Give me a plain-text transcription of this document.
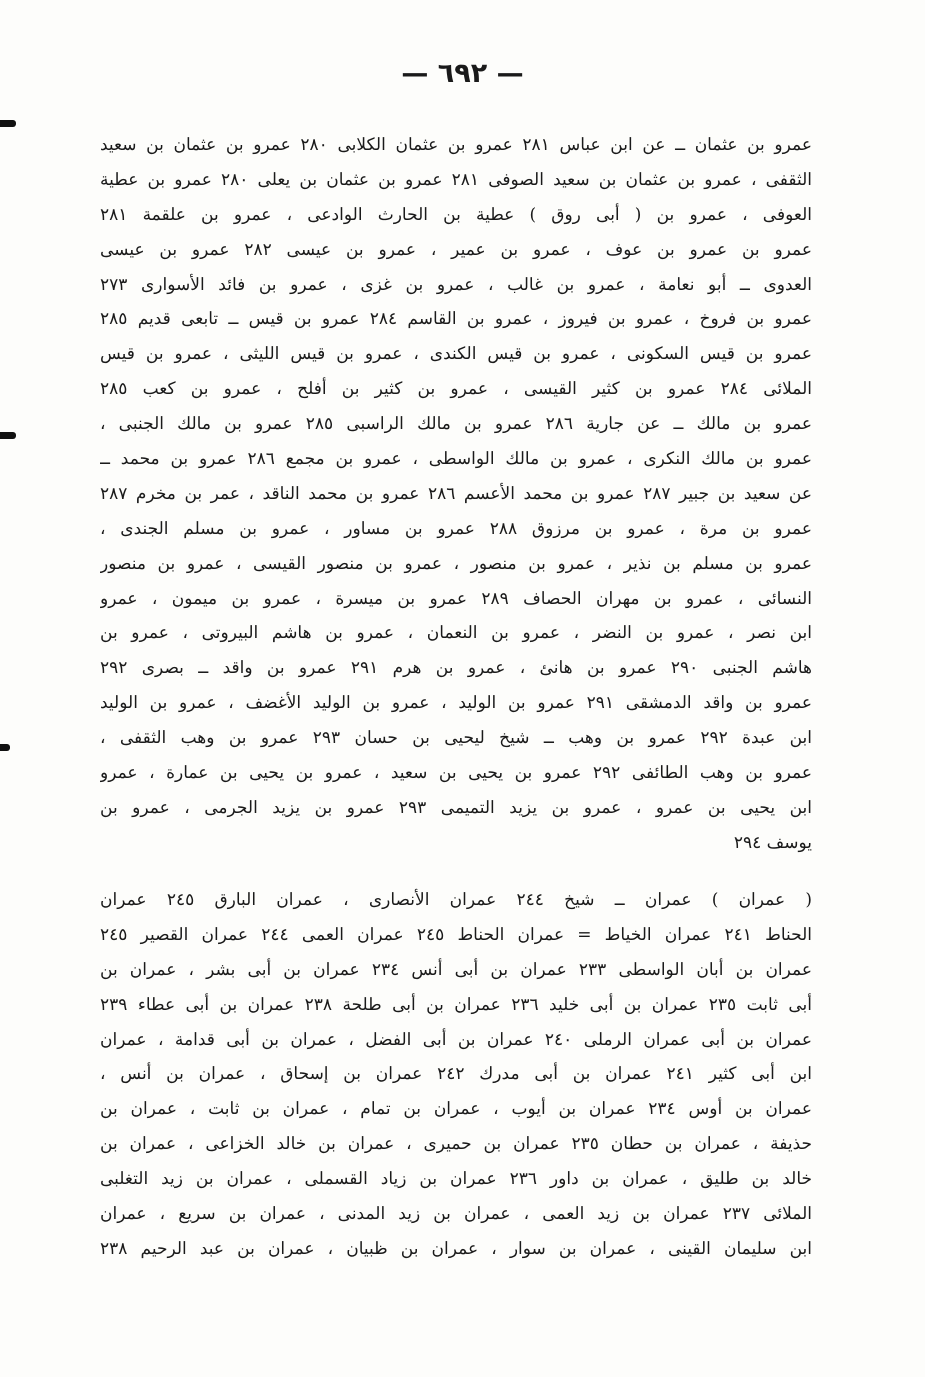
— ٦٩٢ —
عمرو بن عثمان ــ عن ابن عباس ٢٨١ عمرو بن عثمان الكلابى ٢٨٠ عمرو بن عثمان بن سعيد
الثقفى ، عمرو بن عثمان بن سعيد الصوفى ٢٨١ عمرو بن عثمان بن يعلى ٢٨٠ عمرو بن عطية
العوفى ، عمرو بن ( أبى روق ) عطية بن الحارث الوادعى ، عمرو بن علقمة ٢٨١
عمرو بن عمرو بن عوف ، عمرو بن عمير ، عمرو بن عيسى ٢٨٢ عمرو بن عيسى
العدوى ــ أبو نعامة ، عمرو بن غالب ، عمرو بن غزى ، عمرو بن فائد الأسوارى ٢٧٣
عمرو بن فروخ ، عمرو بن فيروز ، عمرو بن القاسم ٢٨٤ عمرو بن قيس ــ تابعى قديم ٢٨٥
عمرو بن قيس السكونى ، عمرو بن قيس الكندى ، عمرو بن قيس الليثى ، عمرو بن قيس
الملائى ٢٨٤ عمرو بن كثير القيسى ، عمرو بن كثير بن أفلح ، عمرو بن كعب ٢٨٥
عمرو بن مالك ــ عن جارية ٢٨٦ عمرو بن مالك الراسبى ٢٨٥ عمرو بن مالك الجنبى ،
عمرو بن مالك النكرى ، عمرو بن مالك الواسطى ، عمرو بن مجمع ٢٨٦ عمرو بن محمد ــ
عن سعيد بن جبير ٢٨٧ عمرو بن محمد الأعسم ٢٨٦ عمرو بن محمد الناقد ، عمر بن مخرم ٢٨٧
عمرو بن مرة ، عمرو بن مرزوق ٢٨٨ عمرو بن مساور ، عمرو بن مسلم الجندى ،
عمرو بن مسلم بن نذير ، عمرو بن منصور ، عمرو بن منصور القيسى ، عمرو بن منصور
النسائى ، عمرو بن مهران الحصاف ٢٨٩ عمرو بن ميسرة ، عمرو بن ميمون ، عمرو
ابن نصر ، عمرو بن النضر ، عمرو بن النعمان ، عمرو بن هاشم البيروتى ، عمرو بن
هاشم الجنبى ٢٩٠ عمرو بن هانئ ، عمرو بن هرم ٢٩١ عمرو بن واقد ــ بصرى ٢٩٢
عمرو بن واقد الدمشقى ٢٩١ عمرو بن الوليد ، عمرو بن الوليد الأغضف ، عمرو بن الوليد
ابن عبدة ٢٩٢ عمرو بن وهب ــ شيخ ليحيى بن حسان ٢٩٣ عمرو بن وهب الثقفى ،
عمرو بن وهب الطائفى ٢٩٢ عمرو بن يحيى بن سعيد ، عمرو بن يحيى بن عمارة ، عمرو
ابن يحيى بن عمرو ، عمرو بن يزيد التميمى ٢٩٣ عمرو بن يزيد الجرمى ، عمرو بن
يوسف ٢٩٤
( عمران ) عمران ــ شيخ ٢٤٤ عمران الأنصارى ، عمران البارق ٢٤٥ عمران
الحناط ٢٤١ عمران الخياط = عمران الحناط ٢٤٥ عمران العمى ٢٤٤ عمران القصير ٢٤٥
عمران بن أبان الواسطى ٢٣٣ عمران بن أبى أنس ٢٣٤ عمران بن أبى بشر ، عمران بن
أبى ثابت ٢٣٥ عمران بن أبى خليد ٢٣٦ عمران بن أبى طلحة ٢٣٨ عمران بن أبى عطاء ٢٣٩
عمران بن أبى عمران الرملى ٢٤٠ عمران بن أبى الفضل ، عمران بن أبى قدامة ، عمران
ابن أبى كثير ٢٤١ عمران بن أبى مدرك ٢٤٢ عمران بن إسحاق ، عمران بن أنس ،
عمران بن أوس ٢٣٤ عمران بن أيوب ، عمران بن تمام ، عمران بن ثابت ، عمران بن
حذيفة ، عمران بن حطان ٢٣٥ عمران بن حميرى ، عمران بن خالد الخزاعى ، عمران بن
خالد بن طليق ، عمران بن داور ٢٣٦ عمران بن زياد القسملى ، عمران بن زيد التغلبى
الملائى ٢٣٧ عمران بن زيد العمى ، عمران بن زيد المدنى ، عمران بن سريع ، عمران
ابن سليمان القينى ، عمران بن سوار ، عمران بن ظبيان ، عمران بن عبد الرحيم ٢٣٨
